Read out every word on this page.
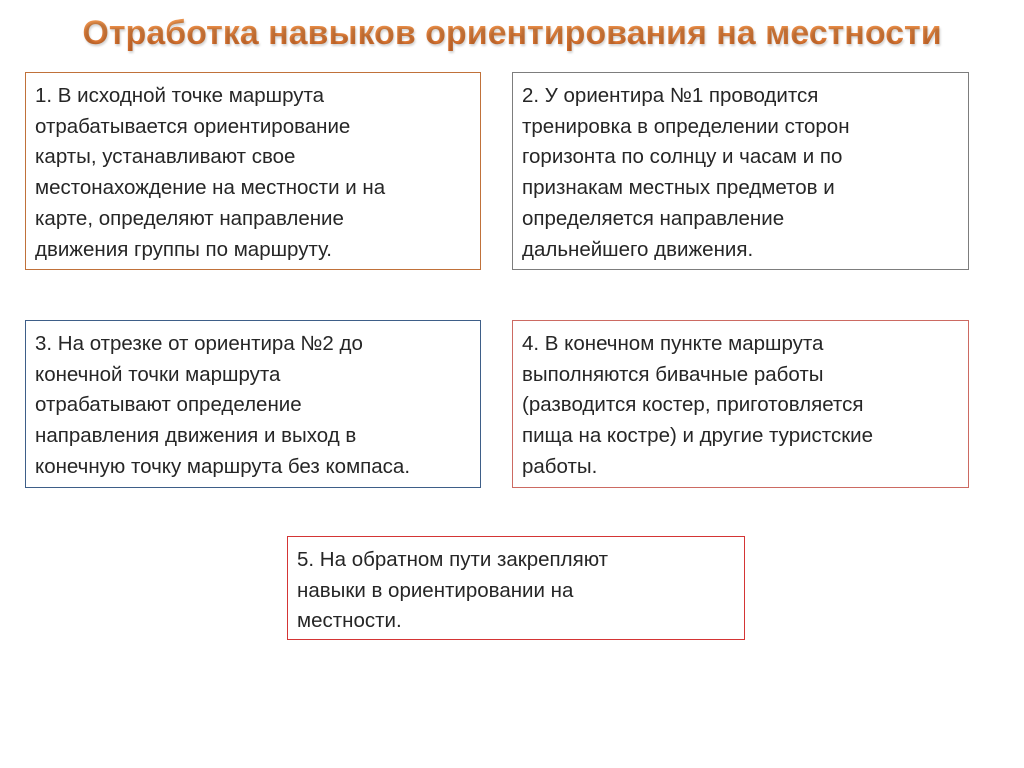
Отработка навыков ориентирования на местности
1. В исходной точке маршрута
отрабатывается ориентирование
карты, устанавливают свое
местонахождение на местности и на
карте, определяют направление
движения группы по маршруту.
2. У ориентира №1 проводится
тренировка в определении сторон
горизонта по солнцу и часам и по
признакам местных предметов и
определяется направление
дальнейшего движения.
3. На отрезке от ориентира №2 до
конечной точки маршрута
отрабатывают определение
направления движения и выход в
конечную точку маршрута без компаса.
4. В конечном пункте маршрута
выполняются бивачные работы
(разводится костер, приготовляется
пища на костре) и другие туристские
работы.
5. На обратном пути закрепляют
навыки в ориентировании на
местности.
